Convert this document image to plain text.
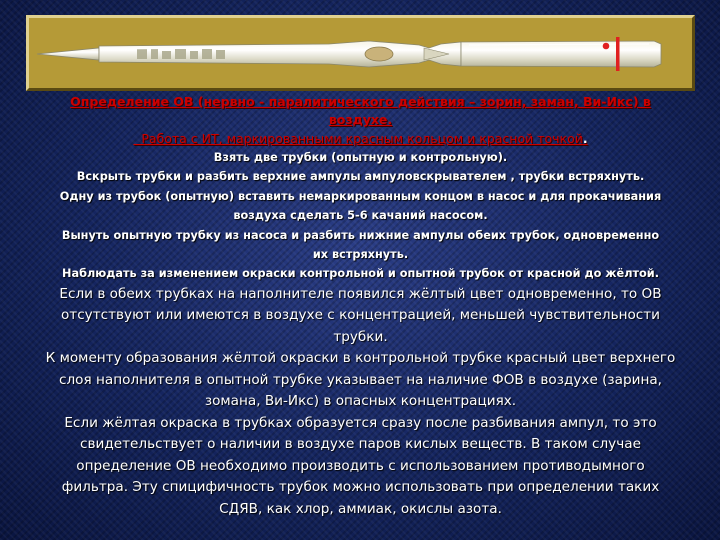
Определение ОВ (нервно - паралитического действия – зорин, заман, Ви-Икс) в

воздухе.

Работа с ИТ, маркированными красным кольцом и красной точкой.

Взять две трубки (опытную и контрольную).

Вскрыть трубки и разбить верхние ампулы ампуловскрывателем , трубки встряхнуть.

Одну из трубок (опытную) вставить немаркированным концом в насос и для прокачивания

воздуха сделать 5-6 качаний насосом.

Вынуть опытную трубку из насоса и разбить нижние ампулы обеих трубок, одновременно

их встряхнуть.

Наблюдать за изменением окраски контрольной и опытной трубок от красной до жёлтой.

Если в обеих трубках на наполнителе появился жёлтый цвет одновременно, то ОВ

отсутствуют или имеются в воздухе с концентрацией, меньшей чувствительности

трубки.

К моменту образования жёлтой окраски в контрольной трубке красный цвет верхнего

слоя наполнителя в опытной трубке указывает на наличие ФОВ в воздухе (зарина,

зомана, Ви-Икс) в опасных концентрациях.

Если жёлтая окраска в трубках образуется сразу после разбивания ампул, то это

свидетельствует о наличии в воздухе паров кислых веществ. В таком случае

определение ОВ необходимо производить с использованием противодымного

фильтра. Эту спицифичность трубок можно использовать при определении таких

СДЯВ, как хлор, аммиак, окислы азота.
